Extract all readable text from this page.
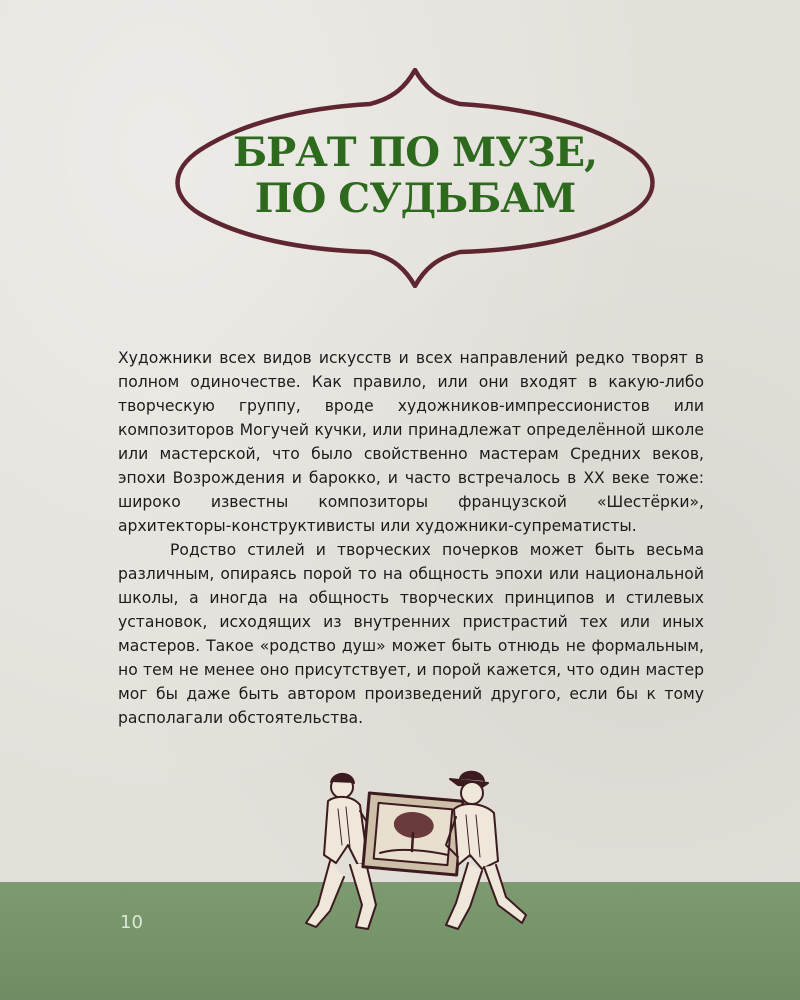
БРАТ ПО МУЗЕ,
ПО СУДЬБАМ

Художники всех видов искусств и всех направлений редко творят в полном одиночестве. Как правило, или они входят в какую-либо творческую группу, вроде художников-импрессионистов или композиторов Могучей кучки, или принадлежат определённой школе или мастерской, что было свойственно мастерам Средних веков, эпохи Возрождения и барокко, и часто встречалось в XX веке тоже: широко известны композиторы французской «Шестёрки», архитекторы-конструктивисты или художники-супрематисты.

Родство стилей и творческих почерков может быть весьма различным, опираясь порой то на общность эпохи или национальной школы, а иногда на общность творческих принципов и стилевых установок, исходящих из внутренних пристрастий тех или иных мастеров. Такое «родство душ» может быть отнюдь не формальным, но тем не менее оно присутствует, и порой кажется, что один мастер мог бы даже быть автором произведений другого, если бы к тому располагали обстоятельства.

10
